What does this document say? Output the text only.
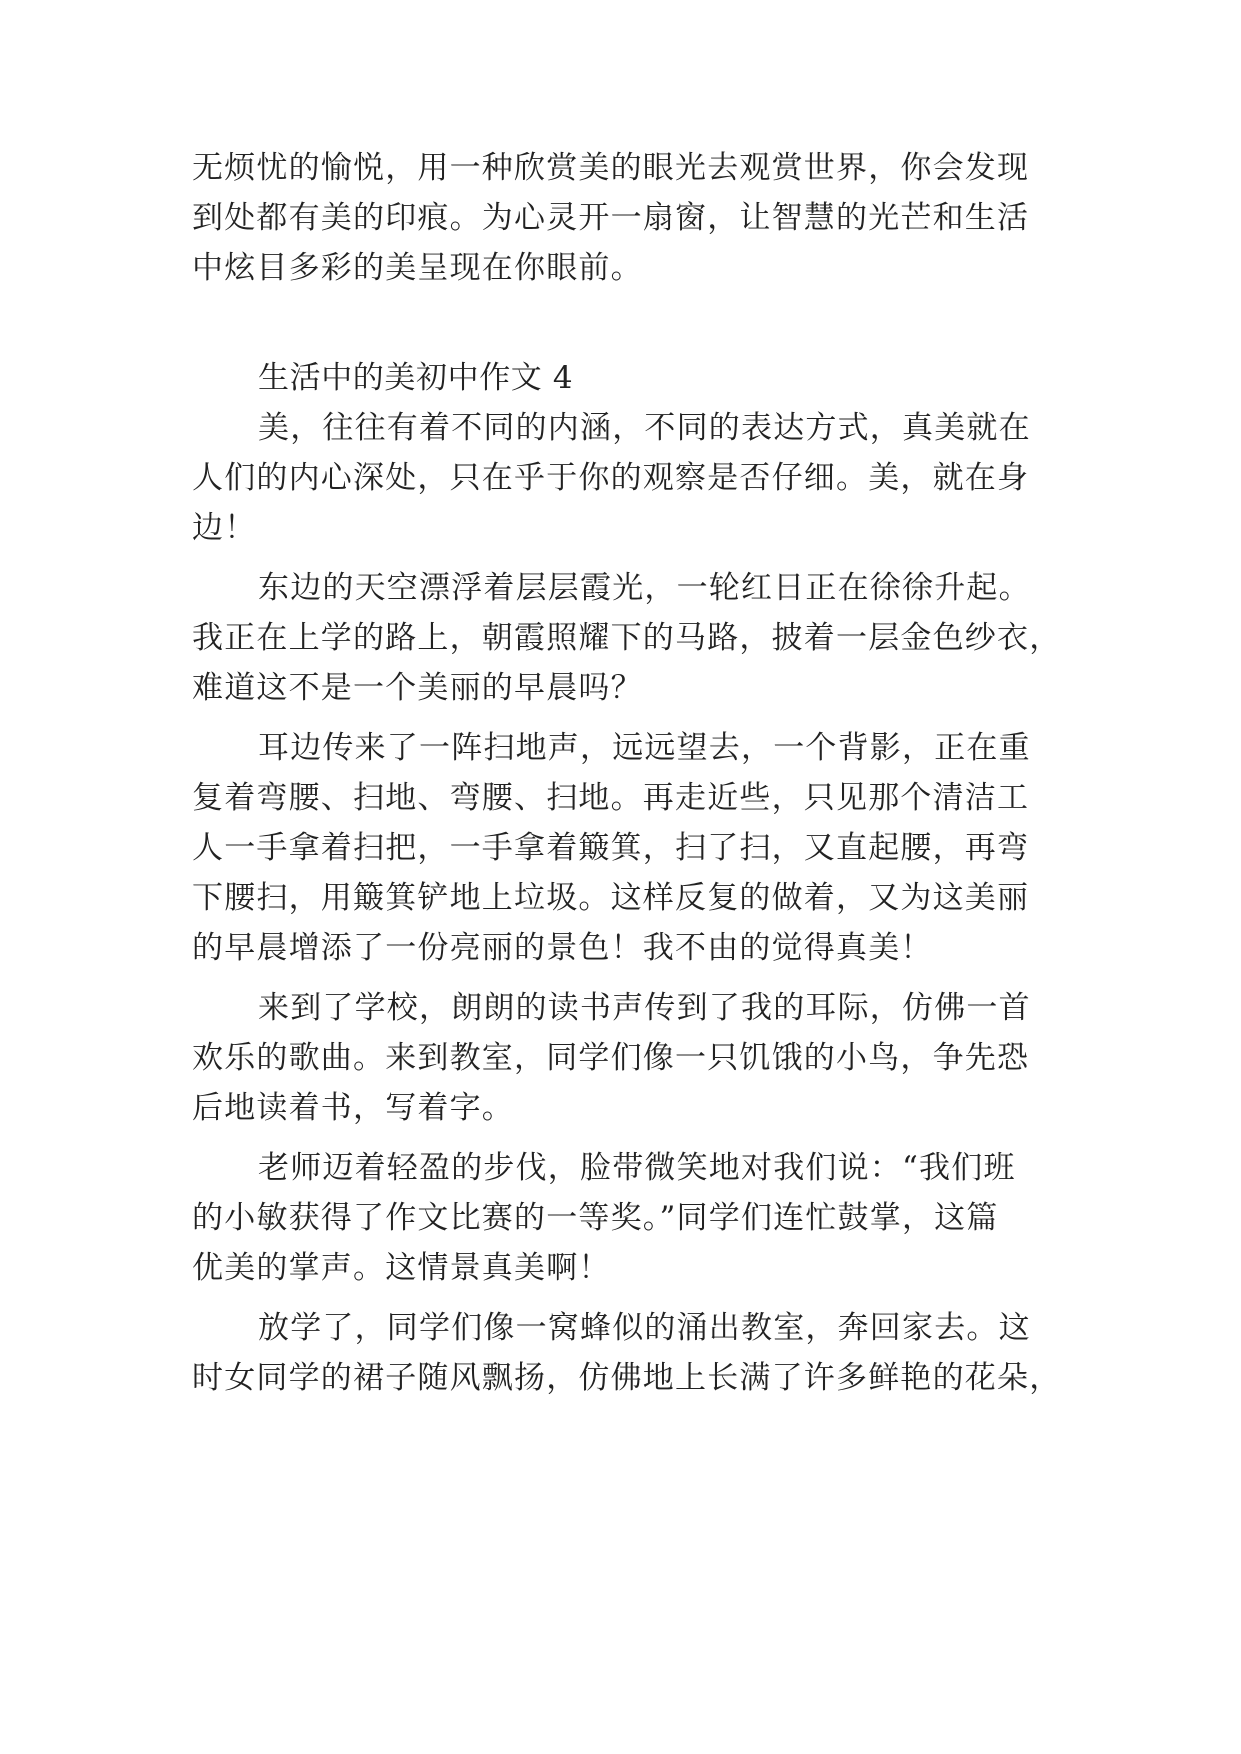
无烦忧的愉悦，用一种欣赏美的眼光去观赏世界，你会发现

到处都有美的印痕。为心灵开一扇窗，让智慧的光芒和生活

中炫目多彩的美呈现在你眼前。

生活中的美初中作文 4

美，往往有着不同的内涵，不同的表达方式，真美就在

人们的内心深处，只在乎于你的观察是否仔细。美，就在身

边！

东边的天空漂浮着层层霞光，一轮红日正在徐徐升起。

我正在上学的路上，朝霞照耀下的马路，披着一层金色纱衣，

难道这不是一个美丽的早晨吗？

耳边传来了一阵扫地声，远远望去，一个背影，正在重

复着弯腰、扫地、弯腰、扫地。再走近些，只见那个清洁工

人一手拿着扫把，一手拿着簸箕，扫了扫，又直起腰，再弯

下腰扫，用簸箕铲地上垃圾。这样反复的做着，又为这美丽

的早晨增添了一份亮丽的景色！我不由的觉得真美！

来到了学校，朗朗的读书声传到了我的耳际，仿佛一首

欢乐的歌曲。来到教室，同学们像一只饥饿的小鸟，争先恐

后地读着书，写着字。

老师迈着轻盈的步伐，脸带微笑地对我们说：“我们班

的小敏获得了作文比赛的一等奖。”同学们连忙鼓掌，这篇

优美的掌声。这情景真美啊！

放学了，同学们像一窝蜂似的涌出教室，奔回家去。这

时女同学的裙子随风飘扬，仿佛地上长满了许多鲜艳的花朵，
